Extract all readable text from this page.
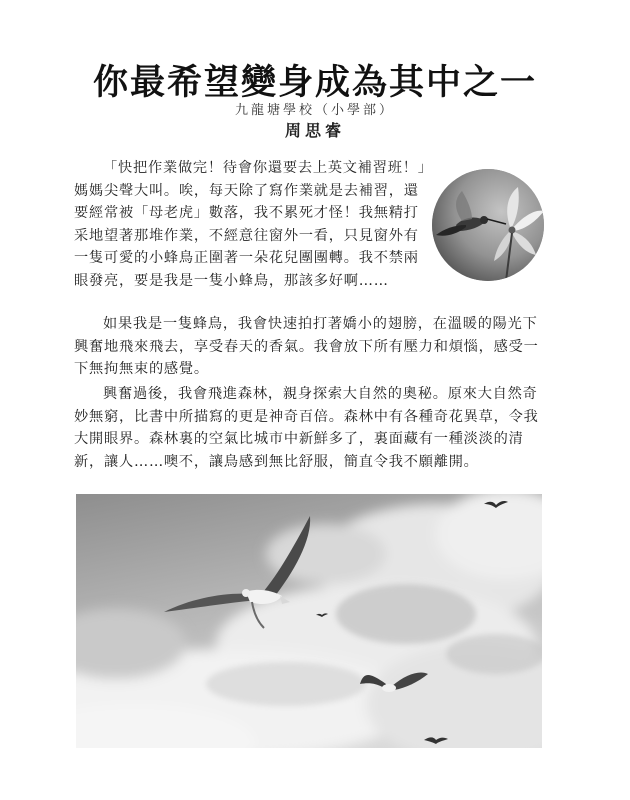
你最希望變身成為其中之一
九龍塘學校（小學部）
周思睿

「快把作業做完！待會你還要去上英文補習班！」
媽媽尖聲大叫。唉，每天除了寫作業就是去補習，還
要經常被「母老虎」數落，我不累死才怪！我無精打
采地望著那堆作業，不經意往窗外一看，只見窗外有
一隻可愛的小蜂鳥正圍著一朵花兒團團轉。我不禁兩
眼發亮，要是我是一隻小蜂鳥，那該多好啊……

如果我是一隻蜂鳥，我會快速拍打著嬌小的翅膀，在溫暖的陽光下
興奮地飛來飛去，享受春天的香氣。我會放下所有壓力和煩惱，感受一
下無拘無束的感覺。

興奮過後，我會飛進森林，親身探索大自然的奧秘。原來大自然奇
妙無窮，比書中所描寫的更是神奇百倍。森林中有各種奇花異草，令我
大開眼界。森林裏的空氣比城市中新鮮多了，裏面藏有一種淡淡的清
新，讓人……噢不，讓鳥感到無比舒服，簡直令我不願離開。
